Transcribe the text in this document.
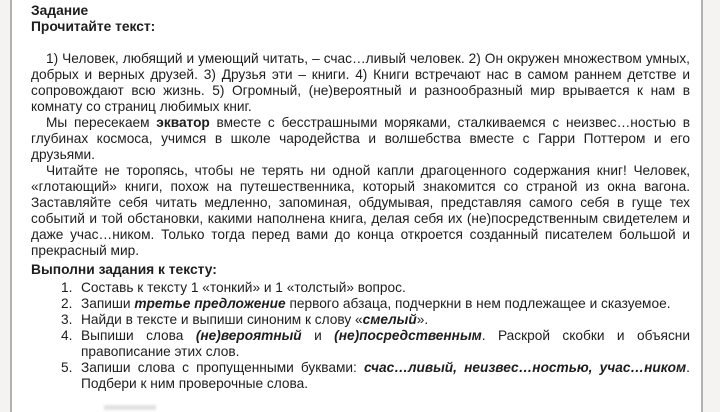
Задание
Прочитайте текст:

1) Человек, любящий и умеющий читать, – счас…ливый человек. 2) Он окружен множеством умных, добрых и верных друзей. 3) Друзья эти – книги. 4) Книги встречают нас в самом раннем детстве и сопровождают всю жизнь. 5) Огромный, (не)вероятный и разнообразный мир врывается к нам в комнату со страниц любимых книг.

Мы пересекаем экватор вместе с бесстрашными моряками, сталкиваемся с неизвес…ностью в глубинах космоса, учимся в школе чародейства и волшебства вместе с Гарри Поттером и его друзьями.

Читайте не торопясь, чтобы не терять ни одной капли драгоценного содержания книг! Человек, «глотающий» книги, похож на путешественника, который знакомится со страной из окна вагона. Заставляйте себя читать медленно, запоминая, обдумывая, представляя самого себя в гуще тех событий и той обстановки, какими наполнена книга, делая себя их (не)посредственным свидетелем и даже учас…ником. Только тогда перед вами до конца откроется созданный писателем большой и прекрасный мир.

Выполни задания к тексту:
1. Составь к тексту 1 «тонкий» и 1 «толстый» вопрос.
2. Запиши третье предложение первого абзаца, подчеркни в нем подлежащее и сказуемое.
3. Найди в тексте и выпиши синоним к слову «смелый».
4. Выпиши слова (не)вероятный и (не)посредственным. Раскрой скобки и объясни правописание этих слов.
5. Запиши слова с пропущенными буквами: счас…ливый, неизвес…ностью, учас…ником. Подбери к ним проверочные слова.
